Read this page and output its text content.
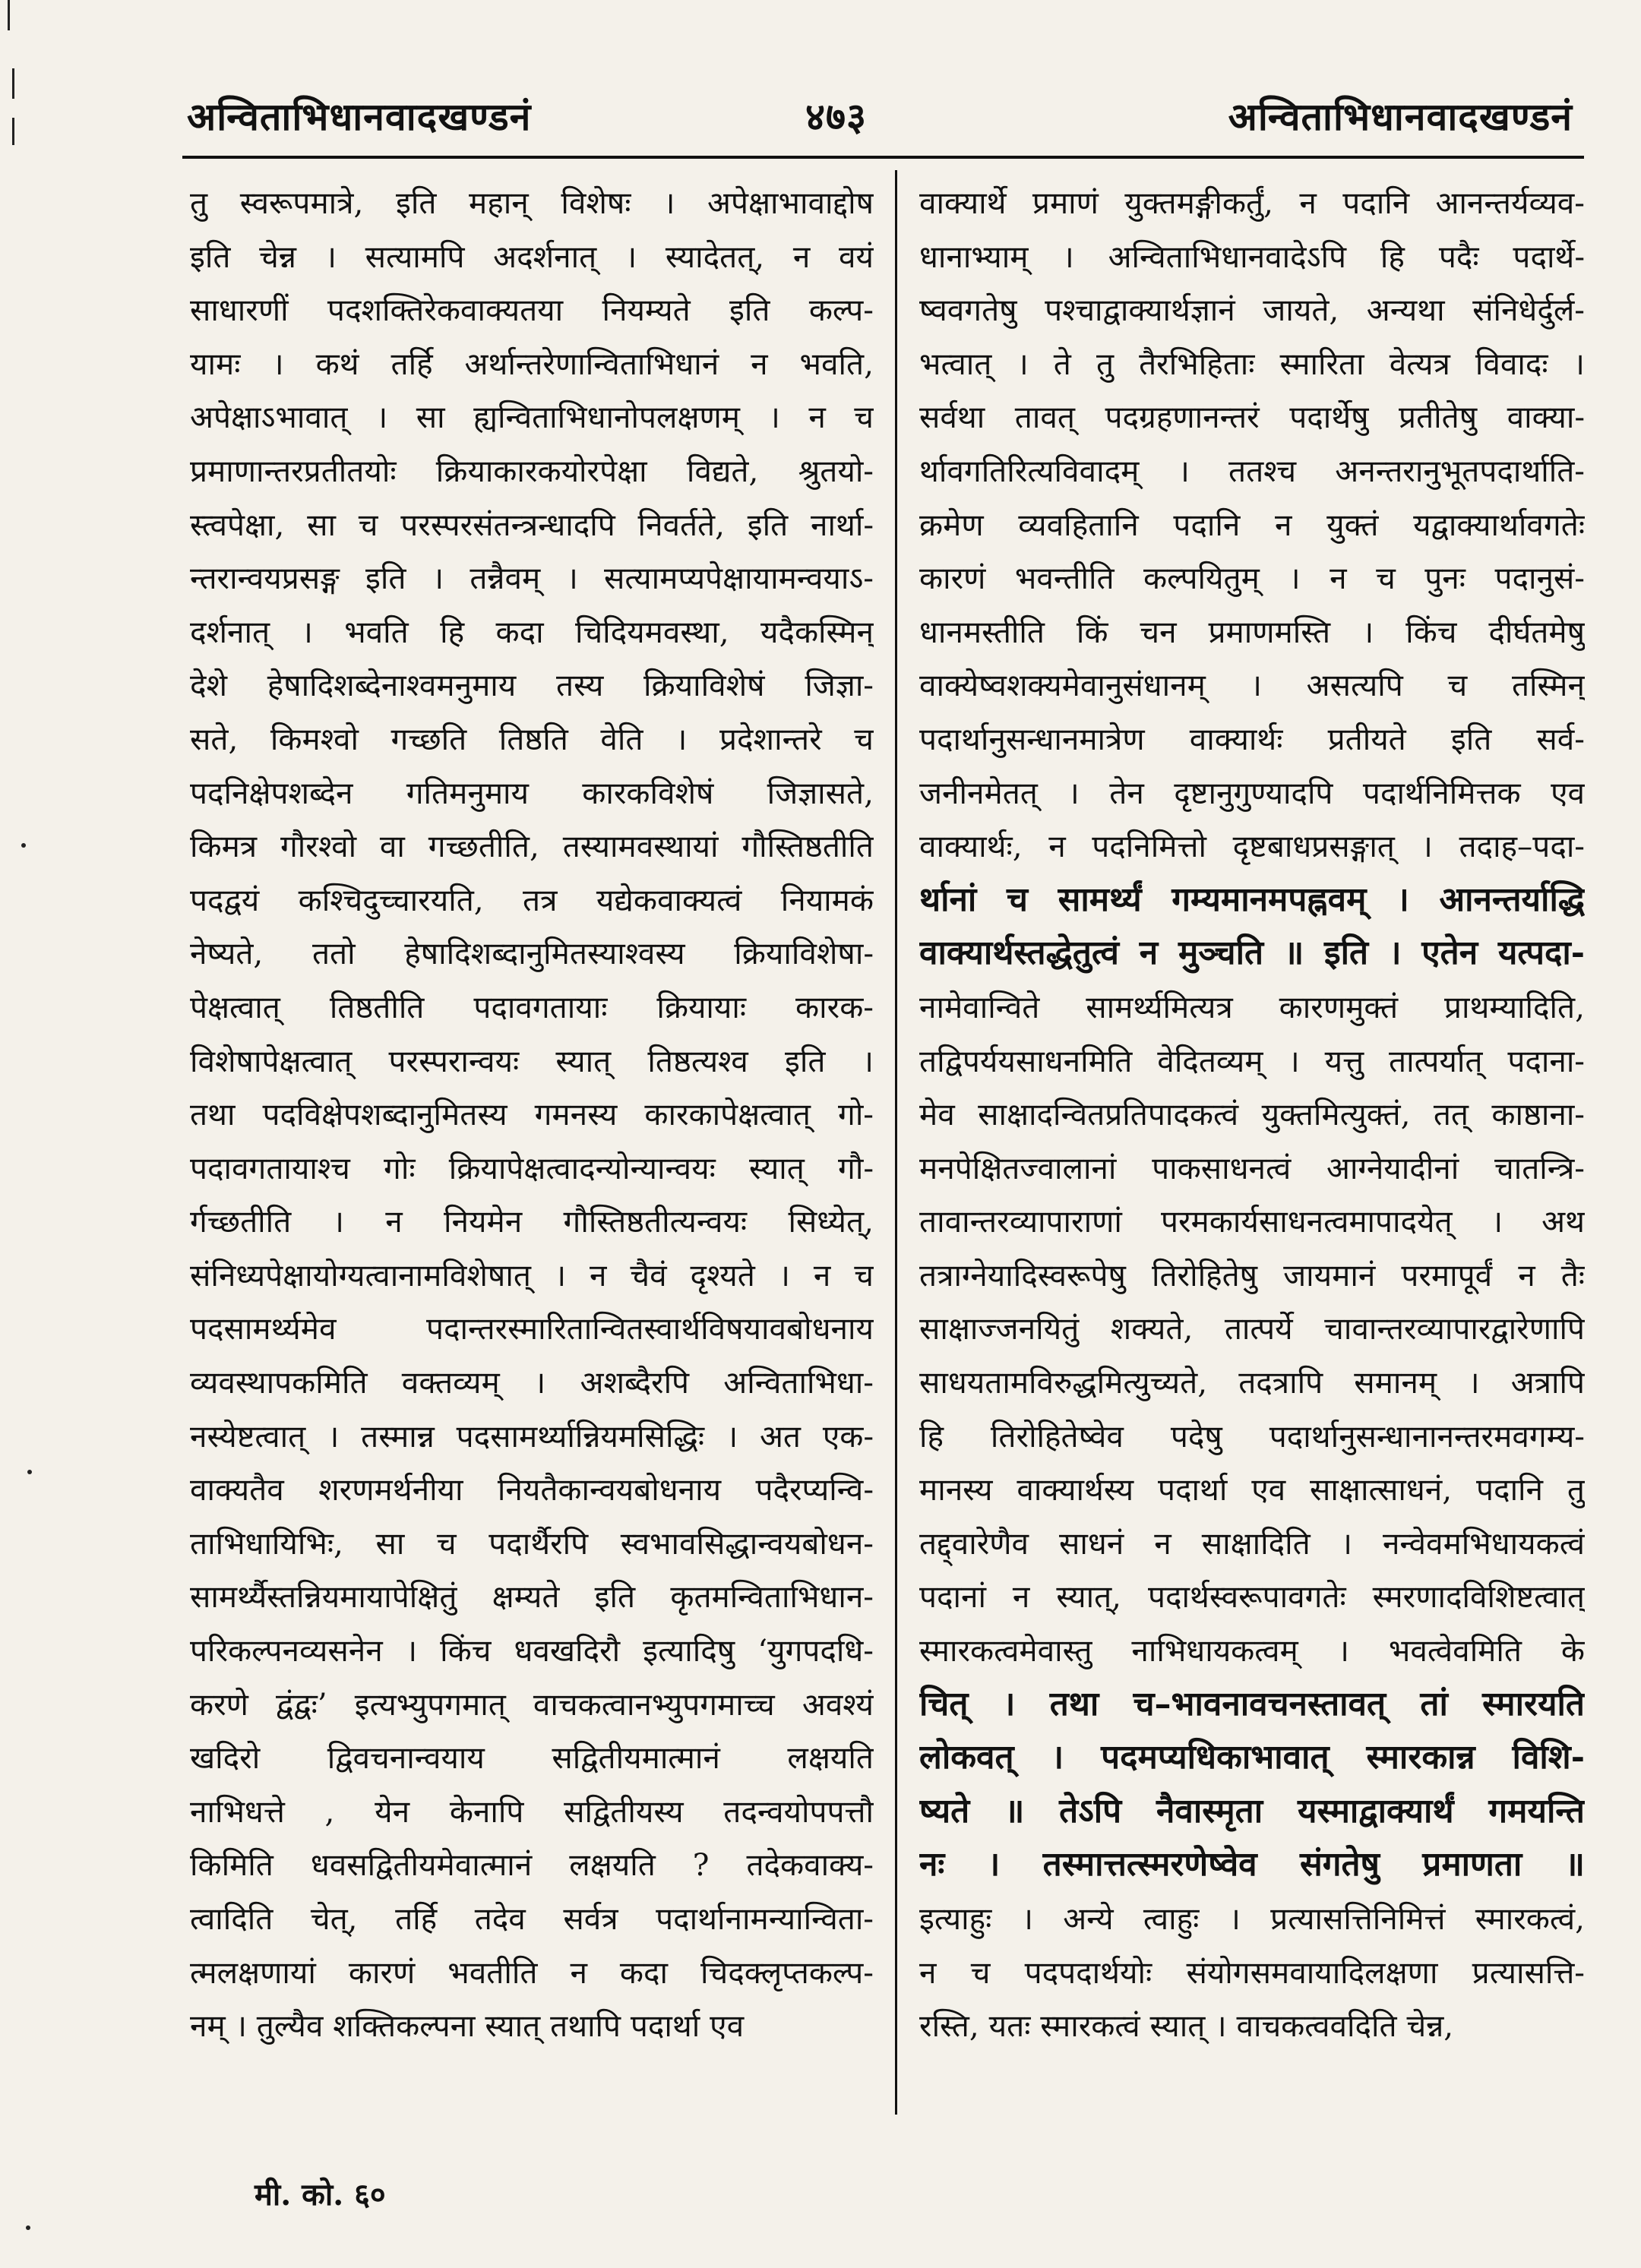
अन्विताभिधानवादखण्डनं	४७३	अन्विताभिधानवादखण्डनं
तु स्वरूपमात्रे, इति महान् विशेषः । अपेक्षाभावाद्दोष
इति चेन्न । सत्यामपि अदर्शनात् । स्यादेतत्, न वयं
साधारणीं पदशक्तिरेकवाक्यतया नियम्यते इति कल्प-
यामः । कथं तर्हि अर्थान्तरेणान्विताभिधानं न भवति,
अपेक्षाऽभावात् । सा ह्यन्विताभिधानोपलक्षणम् । न च
प्रमाणान्तरप्रतीतयोः क्रियाकारकयोरपेक्षा विद्यते, श्रुतयो-
स्त्वपेक्षा, सा च परस्परसंतन्त्रन्धादपि निवर्तते, इति नार्था-
न्तरान्वयप्रसङ्ग इति । तन्नैवम् । सत्यामप्यपेक्षायामन्वयाऽ-
दर्शनात् । भवति हि कदा चिदियमवस्था, यदैकस्मिन्
देशे हेषादिशब्देनाश्वमनुमाय तस्य क्रियाविशेषं जिज्ञा-
सते, किमश्वो गच्छति तिष्ठति वेति । प्रदेशान्तरे च
पदनिक्षेपशब्देन गतिमनुमाय कारकविशेषं जिज्ञासते,
किमत्र गौरश्वो वा गच्छतीति, तस्यामवस्थायां गौस्तिष्ठतीति
पदद्वयं कश्चिदुच्चारयति, तत्र यद्येकवाक्यत्वं नियामकं
नेष्यते, ततो हेषादिशब्दानुमितस्याश्वस्य क्रियाविशेषा-
पेक्षत्वात् तिष्ठतीति पदावगतायाः क्रियायाः कारक-
विशेषापेक्षत्वात् परस्परान्वयः स्यात् तिष्ठत्यश्व इति ।
तथा पदविक्षेपशब्दानुमितस्य गमनस्य कारकापेक्षत्वात् गो-
पदावगतायाश्च गोः क्रियापेक्षत्वादन्योन्यान्वयः स्यात् गौ-
र्गच्छतीति । न नियमेन गौस्तिष्ठतीत्यन्वयः सिध्येत्,
संनिध्यपेक्षायोग्यत्वानामविशेषात् । न चैवं दृश्यते । न च
पदसामर्थ्यमेव पदान्तरस्मारितान्वितस्वार्थविषयावबोधनाय
व्यवस्थापकमिति वक्तव्यम् । अशब्दैरपि अन्विताभिधा-
नस्येष्टत्वात् । तस्मान्न पदसामर्थ्यान्नियमसिद्धिः । अत एक-
वाक्यतैव शरणमर्थनीया नियतैकान्वयबोधनाय पदैरप्यन्वि-
ताभिधायिभिः, सा च पदार्थैरपि स्वभावसिद्धान्वयबोधन-
सामर्थ्यैस्तन्नियमायापेक्षितुं क्षम्यते इति कृतमन्विताभिधान-
परिकल्पनव्यसनेन । किंच धवखदिरौ इत्यादिषु ‘युगपदधि-
करणे द्वंद्वः’ इत्यभ्युपगमात् वाचकत्वानभ्युपगमाच्च अवश्यं
खदिरो द्विवचनान्वयाय सद्वितीयमात्मानं लक्षयति
नाभिधत्ते , येन केनापि सद्वितीयस्य तदन्वयोपपत्तौ
किमिति धवसद्वितीयमेवात्मानं लक्षयति ? तदेकवाक्य-
त्वादिति चेत्, तर्हि तदेव सर्वत्र पदार्थानामन्यान्विता-
त्मलक्षणायां कारणं भवतीति न कदा चिदक्लृप्तकल्प-
नम् । तुल्यैव शक्तिकल्पना स्यात् तथापि पदार्था एव
वाक्यार्थे प्रमाणं युक्तमङ्गीकर्तुं, न पदानि आनन्तर्यव्यव-
धानाभ्याम् । अन्विताभिधानवादेऽपि हि पदैः पदार्थे-
ष्ववगतेषु पश्चाद्वाक्यार्थज्ञानं जायते, अन्यथा संनिधेर्दुर्ल-
भत्वात् । ते तु तैरभिहिताः स्मारिता वेत्यत्र विवादः ।
सर्वथा तावत् पदग्रहणानन्तरं पदार्थेषु प्रतीतेषु वाक्या-
र्थावगतिरित्यविवादम् । ततश्च अनन्तरानुभूतपदार्थाति-
क्रमेण व्यवहितानि पदानि न युक्तं यद्वाक्यार्थावगतेः
कारणं भवन्तीति कल्पयितुम् । न च पुनः पदानुसं-
धानमस्तीति किं चन प्रमाणमस्ति । किंच दीर्घतमेषु
वाक्येष्वशक्यमेवानुसंधानम् । असत्यपि च तस्मिन्
पदार्थानुसन्धानमात्रेण वाक्यार्थः प्रतीयते इति सर्व-
जनीनमेतत् । तेन दृष्टानुगुण्यादपि पदार्थनिमित्तक एव
वाक्यार्थः, न पदनिमित्तो दृष्टबाधप्रसङ्गात् । तदाह–पदा-
र्थानां च सामर्थ्यं गम्यमानमपह्नवम् । आनन्तर्याद्धि
वाक्यार्थस्तद्धेतुत्वं न मुञ्चति ॥ इति । एतेन यत्पदा-
नामेवान्विते सामर्थ्यमित्यत्र कारणमुक्तं प्राथम्यादिति,
तद्विपर्ययसाधनमिति वेदितव्यम् । यत्तु तात्पर्यात् पदाना-
मेव साक्षादन्वितप्रतिपादकत्वं युक्तमित्युक्तं, तत् काष्ठाना-
मनपेक्षितज्वालानां पाकसाधनत्वं आग्नेयादीनां चातन्त्रि-
तावान्तरव्यापाराणां परमकार्यसाधनत्वमापादयेत् । अथ
तत्राग्नेयादिस्वरूपेषु तिरोहितेषु जायमानं परमापूर्वं न तैः
साक्षाज्जनयितुं शक्यते, तात्पर्ये चावान्तरव्यापारद्वारेणापि
साधयतामविरुद्धमित्युच्यते, तदत्रापि समानम् । अत्रापि
हि तिरोहितेष्वेव पदेषु पदार्थानुसन्धानानन्तरमवगम्य-
मानस्य वाक्यार्थस्य पदार्था एव साक्षात्साधनं, पदानि तु
तद्द्वारेणैव साधनं न साक्षादिति । नन्वेवमभिधायकत्वं
पदानां न स्यात्, पदार्थस्वरूपावगतेः स्मरणादविशिष्टत्वात्
स्मारकत्वमेवास्तु नाभिधायकत्वम् । भवत्वेवमिति के
चित् । तथा च–भावनावचनस्तावत् तां स्मारयति
लोकवत् । पदमप्यधिकाभावात् स्मारकान्न विशि-
ष्यते ॥ तेऽपि नैवास्मृता यस्माद्वाक्यार्थं गमयन्ति
नः । तस्मात्तत्स्मरणेष्वेव संगतेषु प्रमाणता ॥
इत्याहुः । अन्ये त्वाहुः । प्रत्यासत्तिनिमित्तं स्मारकत्वं,
न च पदपदार्थयोः संयोगसमवायादिलक्षणा प्रत्यासत्ति-
रस्ति, यतः स्मारकत्वं स्यात् । वाचकत्ववदिति चेन्न,
मी. को. ६०
